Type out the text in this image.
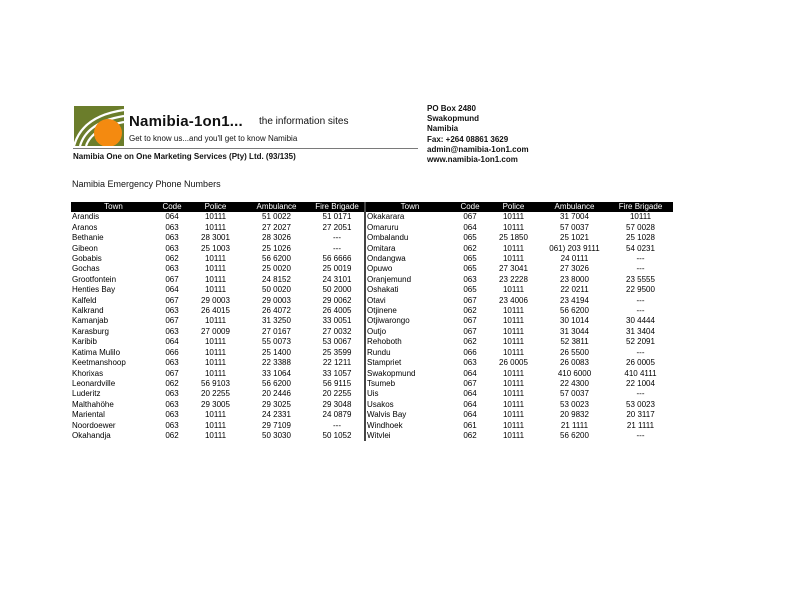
Namibia-1on1... the information sites
Get to know us...and you'll get to know Namibia
Namibia One on One Marketing Services (Pty) Ltd. (93/135)
PO Box 2480
Swakopmund
Namibia
Fax: +264 08861 3629
admin@namibia-1on1.com
www.namibia-1on1.com
Namibia Emergency Phone Numbers
Town	Code	Police	Ambulance	Fire Brigade	Town	Code	Police	Ambulance	Fire Brigade
Arandis	064	10111	51 0022	51 0171	Okakarara	067	10111	31 7004	10111
Aranos	063	10111	27 2027	27 2051	Omaruru	064	10111	57 0037	57 0028
Bethanie	063	28 3001	28 3026	---	Ombalandu	065	25 1850	25 1021	25 1028
Gibeon	063	25 1003	25 1026	---	Omitara	062	10111	061) 203 9111	54 0231
Gobabis	062	10111	56 6200	56 6666	Ondangwa	065	10111	24 0111	---
Gochas	063	10111	25 0020	25 0019	Opuwo	065	27 3041	27 3026	---
Grootfontein	067	10111	24 8152	24 3101	Oranjemund	063	23 2228	23 8000	23 5555
Henties Bay	064	10111	50 0020	50 2000	Oshakati	065	10111	22 0211	22 9500
Kalfeld	067	29 0003	29 0003	29 0062	Otavi	067	23 4006	23 4194	---
Kalkrand	063	26 4015	26 4072	26 4005	Otjinene	062	10111	56 6200	---
Kamanjab	067	10111	31 3250	33 0051	Otjiwarongo	067	10111	30 1014	30 4444
Karasburg	063	27 0009	27 0167	27 0032	Outjo	067	10111	31 3044	31 3404
Karibib	064	10111	55 0073	53 0067	Rehoboth	062	10111	52 3811	52 2091
Katima Mulilo	066	10111	25 1400	25 3599	Rundu	066	10111	26 5500	---
Keetmanshoop	063	10111	22 3388	22 1211	Stampriet	063	26 0005	26 0083	26 0005
Khorixas	067	10111	33 1064	33 1057	Swakopmund	064	10111	410 6000	410 4111
Leonardville	062	56 9103	56 6200	56 9115	Tsumeb	067	10111	22 4300	22 1004
Luderitz	063	20 2255	20 2446	20 2255	Uis	064	10111	57 0037	---
Malthahöhe	063	29 3005	29 3025	29 3048	Usakos	064	10111	53 0023	53 0023
Mariental	063	10111	24 2331	24 0879	Walvis Bay	064	10111	20 9832	20 3117
Noordoewer	063	10111	29 7109	---	Windhoek	061	10111	21 1111	21 1111
Okahandja	062	10111	50 3030	50 1052	Witvlei	062	10111	56 6200	---
